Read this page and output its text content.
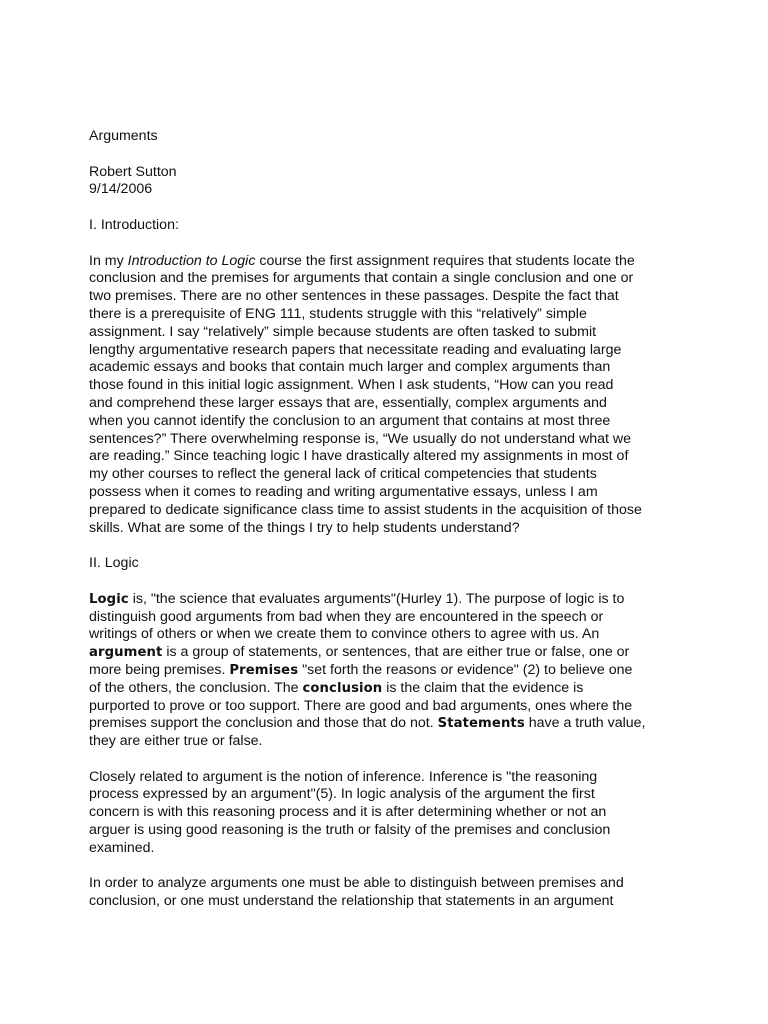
Arguments

Robert Sutton

9/14/2006

I. Introduction:

In my Introduction to Logic course the first assignment requires that students locate the
conclusion and the premises for arguments that contain a single conclusion and one or
two premises. There are no other sentences in these passages. Despite the fact that
there is a prerequisite of ENG 111, students struggle with this “relatively” simple
assignment. I say “relatively” simple because students are often tasked to submit
lengthy argumentative research papers that necessitate reading and evaluating large
academic essays and books that contain much larger and complex arguments than
those found in this initial logic assignment. When I ask students, “How can you read
and comprehend these larger essays that are, essentially, complex arguments and
when you cannot identify the conclusion to an argument that contains at most three
sentences?” There overwhelming response is, “We usually do not understand what we
are reading.” Since teaching logic I have drastically altered my assignments in most of
my other courses to reflect the general lack of critical competencies that students
possess when it comes to reading and writing argumentative essays, unless I am
prepared to dedicate significance class time to assist students in the acquisition of those
skills. What are some of the things I try to help students understand?

II. Logic

Logic is, "the science that evaluates arguments"(Hurley 1). The purpose of logic is to
distinguish good arguments from bad when they are encountered in the speech or
writings of others or when we create them to convince others to agree with us. An
argument is a group of statements, or sentences, that are either true or false, one or
more being premises. Premises "set forth the reasons or evidence" (2) to believe one
of the others, the conclusion. The conclusion is the claim that the evidence is
purported to prove or too support. There are good and bad arguments, ones where the
premises support the conclusion and those that do not. Statements have a truth value,
they are either true or false.

Closely related to argument is the notion of inference. Inference is "the reasoning
process expressed by an argument"(5). In logic analysis of the argument the first
concern is with this reasoning process and it is after determining whether or not an
arguer is using good reasoning is the truth or falsity of the premises and conclusion
examined.

In order to analyze arguments one must be able to distinguish between premises and
conclusion, or one must understand the relationship that statements in an argument
